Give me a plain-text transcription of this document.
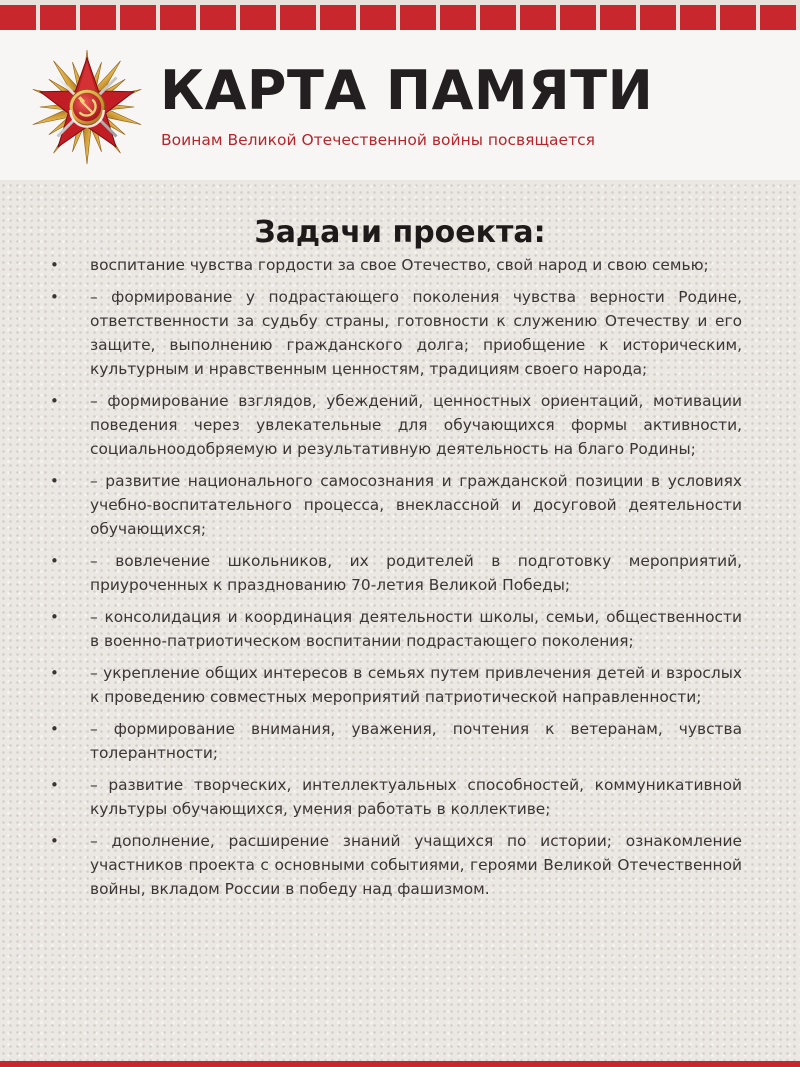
КАРТА ПАМЯТИ
Воинам Великой Отечественной войны посвящается
Задачи проекта:
• воспитание чувства гордости за свое Отечество, свой народ и свою семью;
• – формирование у подрастающего поколения чувства верности Родине, ответственности за судьбу страны, готовности к служению Отечеству и его защите, выполнению гражданского долга; приобщение к историческим, культурным и нравственным ценностям, традициям своего народа;
• – формирование взглядов, убеждений, ценностных ориентаций, мотивации поведения через увлекательные для обучающихся формы активности, социальноодобряемую и результативную деятельность на благо Родины;
• – развитие национального самосознания и гражданской позиции в условиях учебно-воспитательного процесса, внеклассной и досуговой деятельности обучающихся;
• – вовлечение школьников, их родителей в подготовку мероприятий, приуроченных к празднованию 70-летия Великой Победы;
• – консолидация и координация деятельности школы, семьи, общественности в военно-патриотическом воспитании подрастающего поколения;
• – укрепление общих интересов в семьях путем привлечения детей и взрослых к проведению совместных мероприятий патриотической направленности;
• – формирование внимания, уважения, почтения к ветеранам, чувства толерантности;
• – развитие творческих, интеллектуальных способностей, коммуникативной культуры обучающихся, умения работать в коллективе;
• – дополнение, расширение знаний учащихся по истории; ознакомление участников проекта с основными событиями, героями Великой Отечественной войны, вкладом России в победу над фашизмом.
